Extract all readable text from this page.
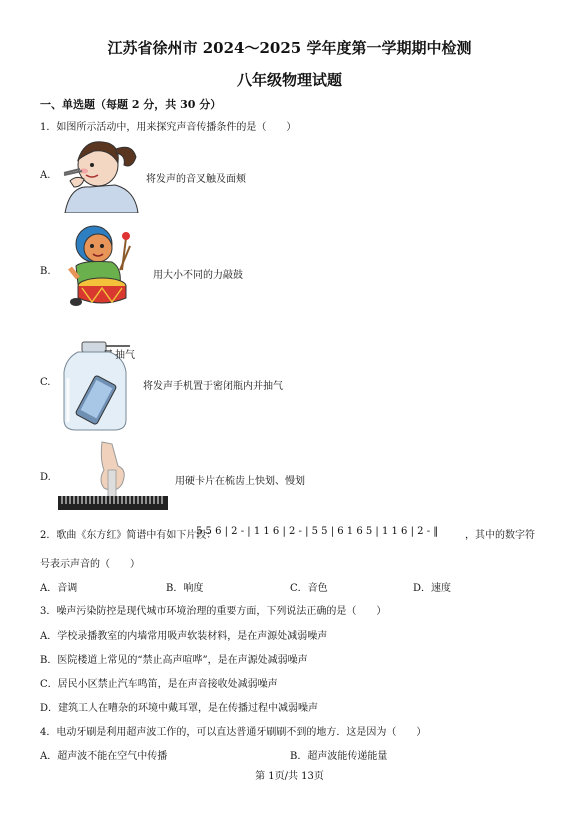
江苏省徐州市 2024～2025 学年度第一学期期中检测
八年级物理试题
一、单选题（每题 2 分，共 30 分）
1．如图所示活动中，用来探究声音传播条件的是（　　）
A.	将发声的音叉触及面颊
B.	用大小不同的力敲鼓
C.
→ 抽气
将发声手机置于密闭瓶内并抽气
D.	用硬卡片在梳齿上快划、慢划
2．歌曲《东方红》简谱中有如下片段：
5 5 6 | 2 - | 1 1 6 | 2 - | 5 5 | 6 1 6 5 | 1 1 6 | 2 - ‖	，其中的数字符
号表示声音的（　　）
A．音调	B．响度	C．音色	D．速度
3．噪声污染防控是现代城市环境治理的重要方面，下列说法正确的是（　　）
A．学校录播教室的内墙常用吸声软装材料，是在声源处减弱噪声
B．医院楼道上常见的“禁止高声喧哗”，是在声源处减弱噪声
C．居民小区禁止汽车鸣笛，是在声音接收处减弱噪声
D．建筑工人在嘈杂的环境中戴耳罩，是在传播过程中减弱噪声
4．电动牙刷是利用超声波工作的，可以直达普通牙刷刷不到的地方．这是因为（　　）
A．超声波不能在空气中传播	B．超声波能传递能量
第 1页/共 13页
